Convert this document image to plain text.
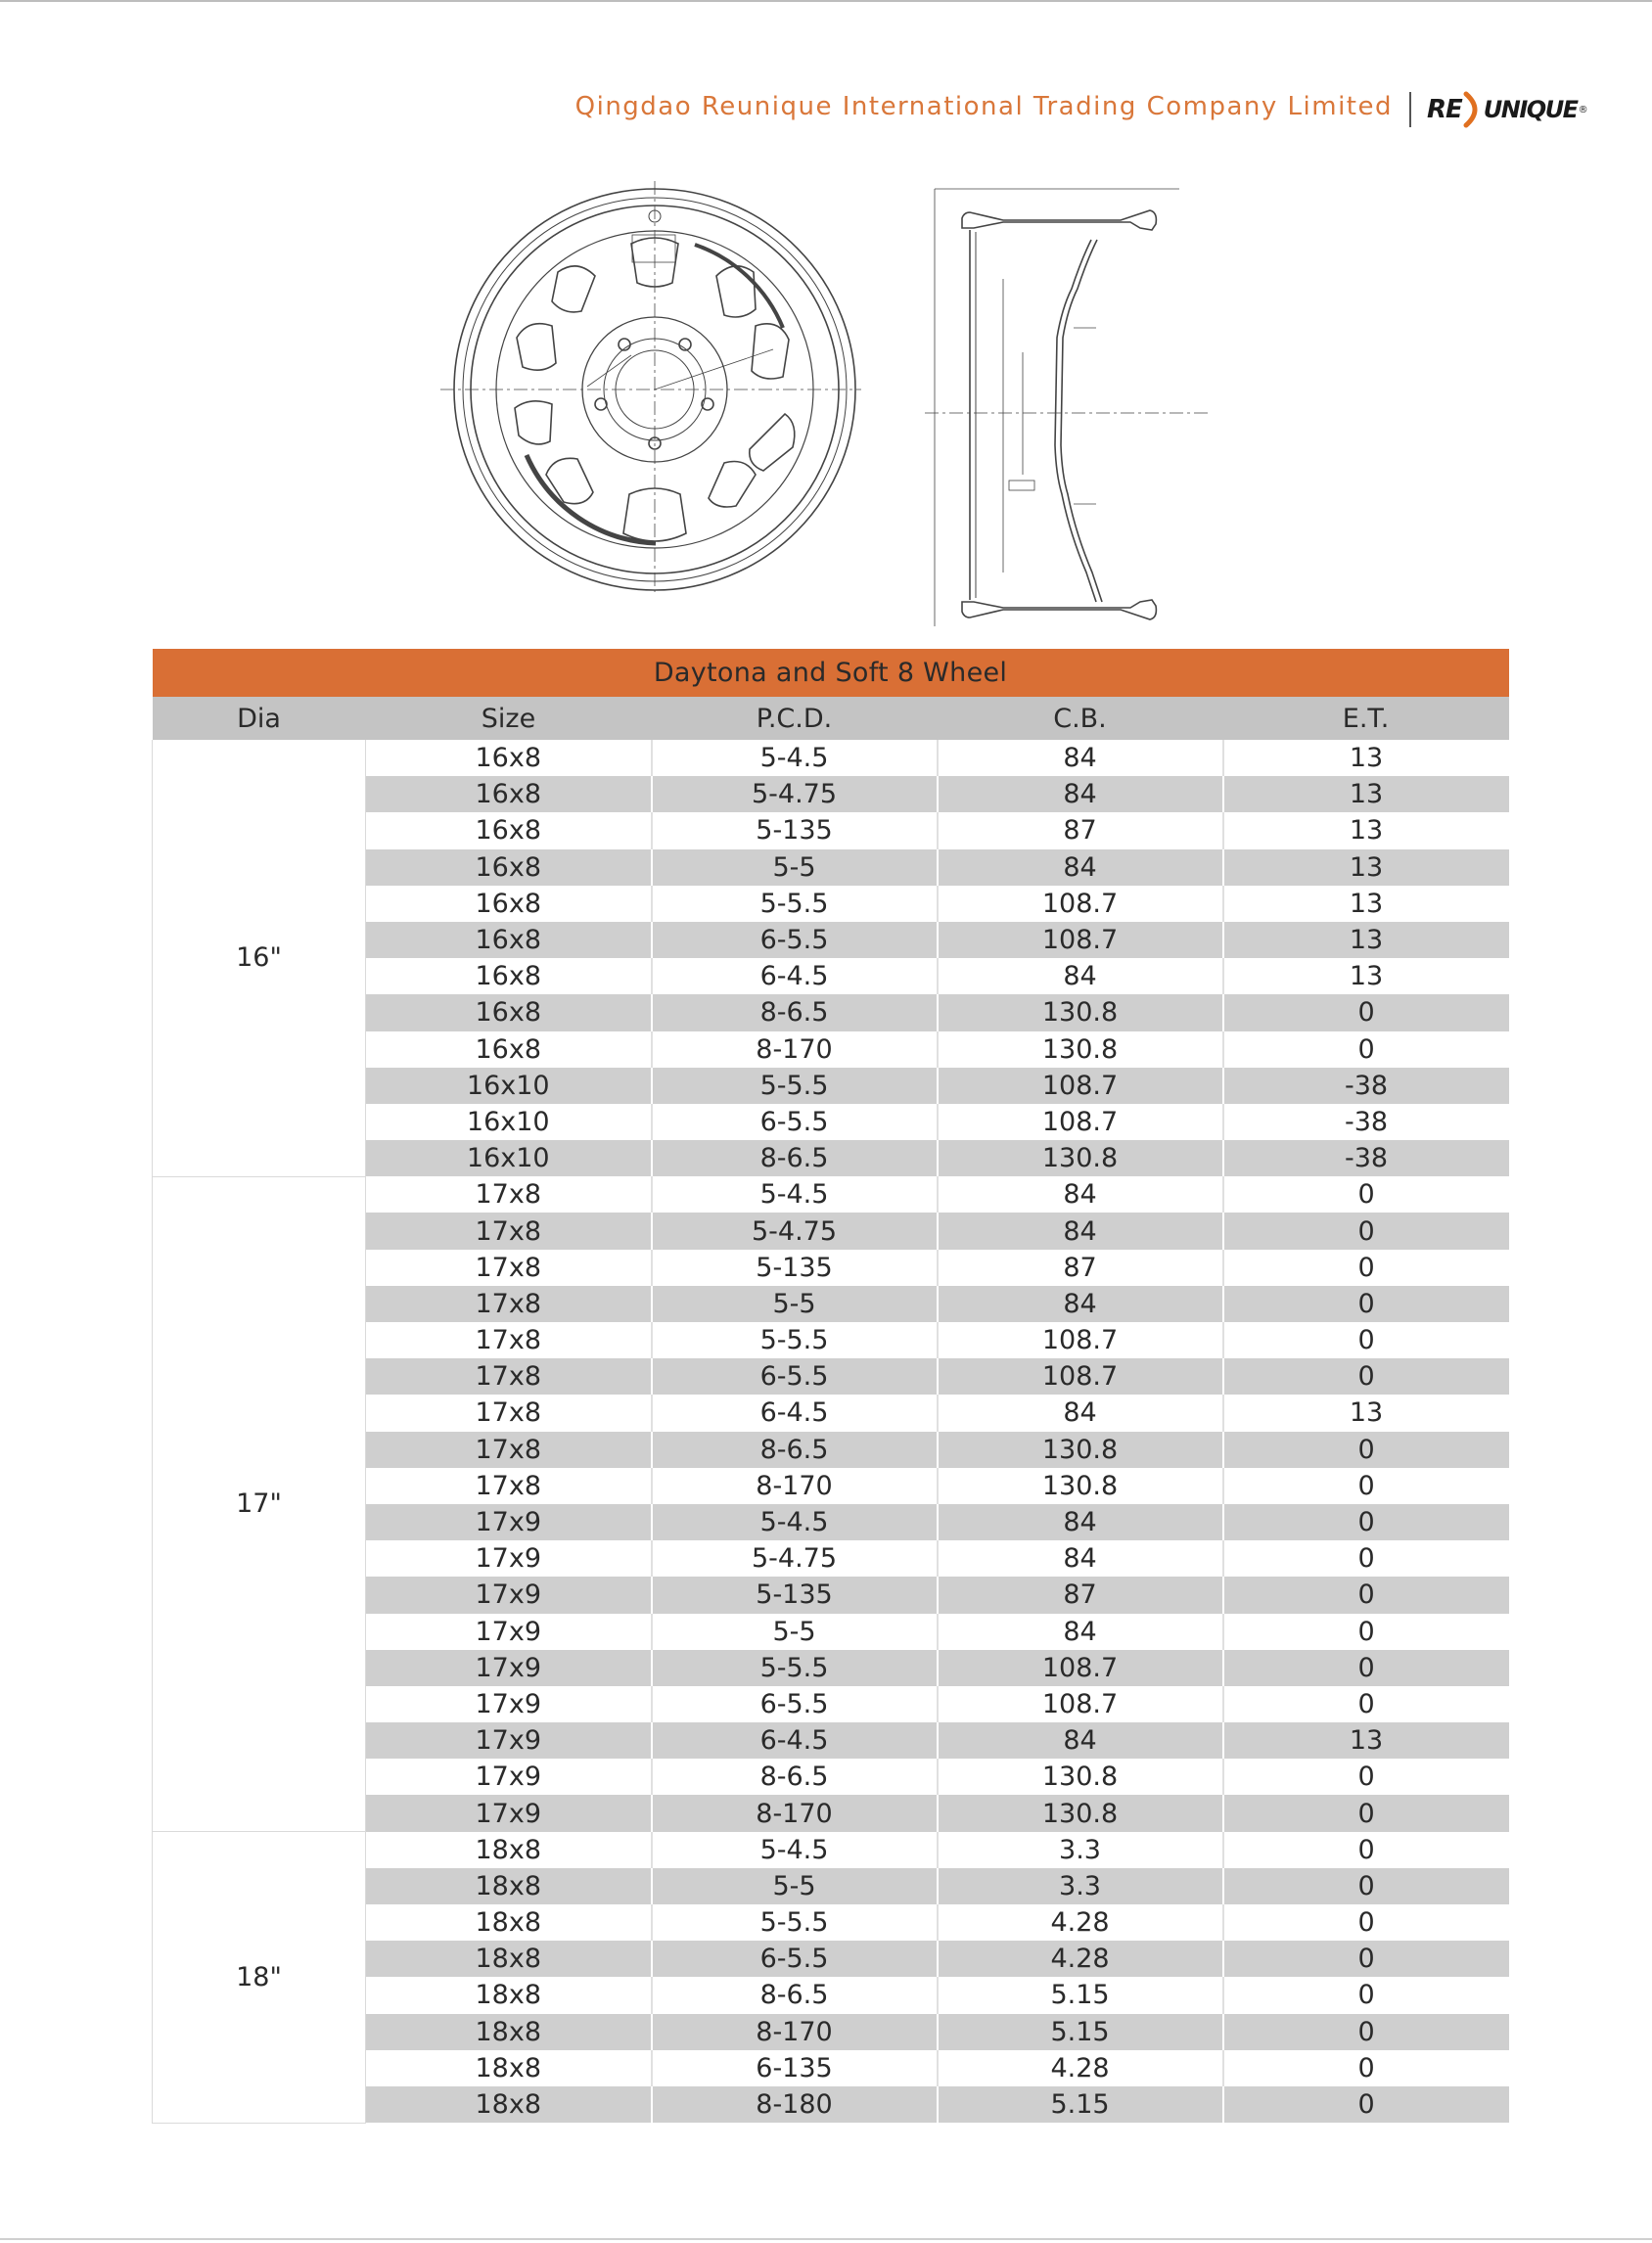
Qingdao Reunique International Trading Company Limited RE UNIQUE ®
Daytona and Soft 8 Wheel				
Dia	Size	P.C.D.	C.B.	E.T.
16"	16x8	5-4.5	84	13
	16x8	5-4.75	84	13
	16x8	5-135	87	13
	16x8	5-5	84	13
	16x8	5-5.5	108.7	13
	16x8	6-5.5	108.7	13
	16x8	6-4.5	84	13
	16x8	8-6.5	130.8	0
	16x8	8-170	130.8	0
	16x10	5-5.5	108.7	-38
	16x10	6-5.5	108.7	-38
	16x10	8-6.5	130.8	-38
17"	17x8	5-4.5	84	0
	17x8	5-4.75	84	0
	17x8	5-135	87	0
	17x8	5-5	84	0
	17x8	5-5.5	108.7	0
	17x8	6-5.5	108.7	0
	17x8	6-4.5	84	13
	17x8	8-6.5	130.8	0
	17x8	8-170	130.8	0
	17x9	5-4.5	84	0
	17x9	5-4.75	84	0
	17x9	5-135	87	0
	17x9	5-5	84	0
	17x9	5-5.5	108.7	0
	17x9	6-5.5	108.7	0
	17x9	6-4.5	84	13
	17x9	8-6.5	130.8	0
	17x9	8-170	130.8	0
18"	18x8	5-4.5	3.3	0
	18x8	5-5	3.3	0
	18x8	5-5.5	4.28	0
	18x8	6-5.5	4.28	0
	18x8	8-6.5	5.15	0
	18x8	8-170	5.15	0
	18x8	6-135	4.28	0
	18x8	8-180	5.15	0
